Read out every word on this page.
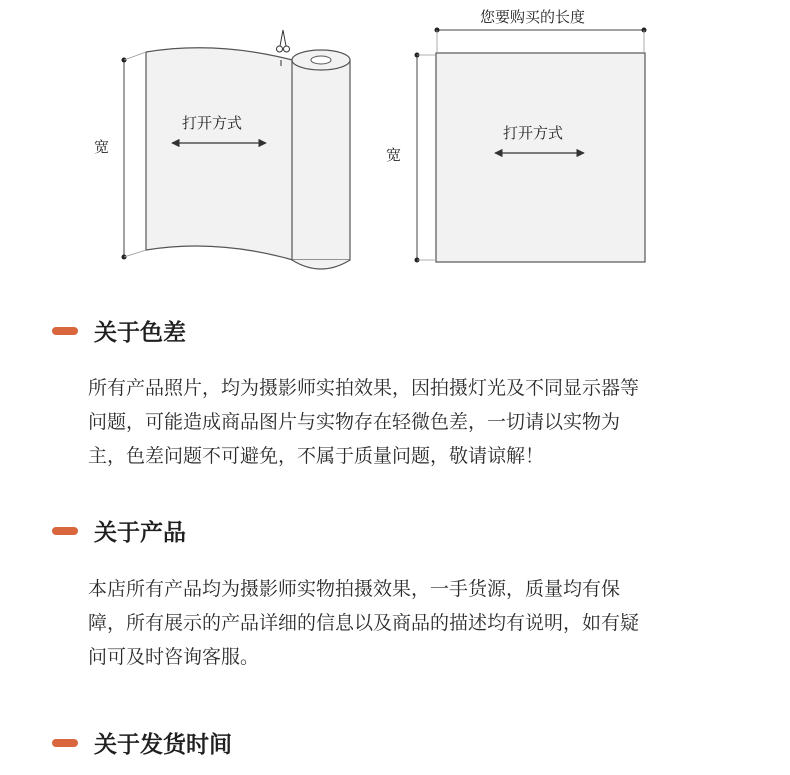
宽
打开方式
您要购买的长度
宽
打开方式
关于色差
所有产品照片，均为摄影师实拍效果，因拍摄灯光及不同显示器等
问题，可能造成商品图片与实物存在轻微色差，一切请以实物为
主，色差问题不可避免，不属于质量问题，敬请谅解！
关于产品
本店所有产品均为摄影师实物拍摄效果，一手货源，质量均有保
障，所有展示的产品详细的信息以及商品的描述均有说明，如有疑
问可及时咨询客服。
关于发货时间
